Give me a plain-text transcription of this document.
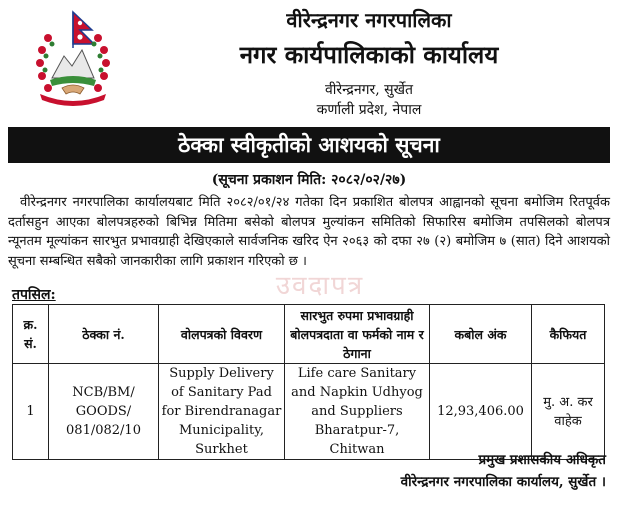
वीरेन्द्रनगर नगरपालिका
नगर कार्यपालिकाको कार्यालय
वीरेन्द्रनगर, सुर्खेत
कर्णाली प्रदेश, नेपाल
ठेक्का स्वीकृतीको आशयको सूचना
(सूचना प्रकाशन मिति: २०८२/०२/२७)
वीरेन्द्रनगर नगरपालिका कार्यालयबाट मिति २०८२/०१/२४ गतेका दिन प्रकाशित बोलपत्र आह्वानको सूचना बमोजिम रितपूर्वक दर्तासहुन आएका बोलपत्रहरुको बिभिन्न मितिमा बसेको बोलपत्र मुल्यांकन समितिको सिफारिस बमोजिम तपसिलको बोलपत्र न्यूनतम मूल्यांकन सारभुत प्रभावग्राही देखिएकाले सार्वजनिक खरिद ऐन २०६३ को दफा २७ (२) बमोजिम ७ (सात) दिने आशयको सूचना सम्बन्धित सबैको जानकारीका लागि प्रकाशन गरिएको छ ।
उवदापत्र
तपसिल:
क्र. सं.	ठेक्का नं.	वोलपत्रको विवरण	सारभुत रुपमा प्रभावग्राही बोलपत्रदाता वा फर्मको नाम र ठेगाना	कबोल अंक	कैफियत
1	NCB/BM/ GOODS/ 081/082/10	Supply Delivery of Sanitary Pad for Birendranagar Municipality, Surkhet	Life care Sanitary and Napkin Udhyog and Suppliers Bharatpur-7, Chitwan	12,93,406.00	मु. अ. कर वाहेक
प्रमुख प्रशासकीय अधिकृत
वीरेन्द्रनगर नगरपालिका कार्यालय, सुर्खेत ।
